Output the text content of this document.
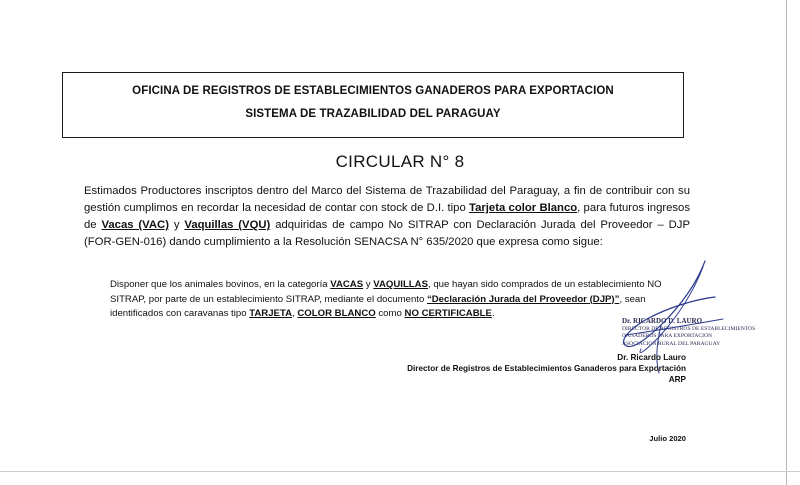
OFICINA DE REGISTROS DE ESTABLECIMIENTOS GANADEROS PARA EXPORTACION
SISTEMA DE TRAZABILIDAD DEL PARAGUAY
CIRCULAR N° 8
Estimados Productores inscriptos dentro del Marco del Sistema de Trazabilidad del Paraguay, a fin de contribuir con su gestión cumplimos en recordar la necesidad de contar con stock de D.I. tipo Tarjeta color Blanco, para futuros ingresos de Vacas (VAC) y Vaquillas (VQU) adquiridas de campo No SITRAP con Declaración Jurada del Proveedor – DJP (FOR-GEN-016) dando cumplimiento a la Resolución SENACSA N° 635/2020 que expresa como sigue:
Disponer que los animales bovinos, en la categoría VACAS y VAQUILLAS, que hayan sido comprados de un establecimiento NO SITRAP, por parte de un establecimiento SITRAP, mediante el documento “Declaración Jurada del Proveedor (DJP)”, sean identificados con caravanas tipo TARJETA, COLOR BLANCO como NO CERTIFICABLE.
Dr. RICARDO D. LAURO
DIRECTOR DE REGISTROS DE ESTABLECIMIENTOS
GANADEROS PARA EXPORTACION
ASOCIACION RURAL DEL PARAGUAY
Dr. Ricardo Lauro
Director de Registros de Establecimientos Ganaderos para Exportación
ARP
Julio 2020
